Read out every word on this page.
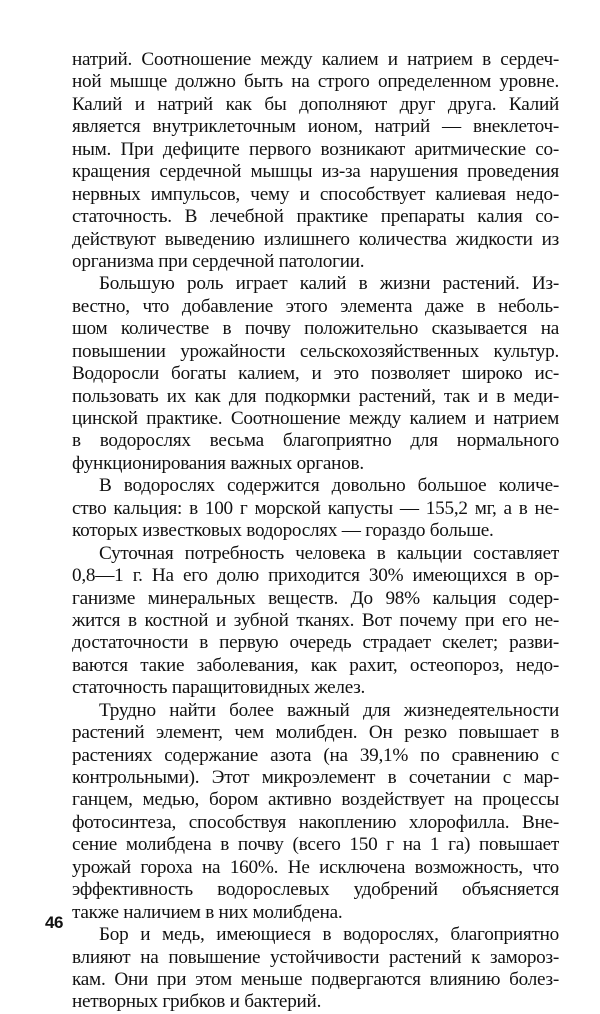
натрий. Соотношение между калием и натрием в сердеч-
ной мышце должно быть на строго определенном уровне.
Калий и натрий как бы дополняют друг друга. Калий
является внутриклеточным ионом, натрий — внеклеточ-
ным. При дефиците первого возникают аритмические со-
кращения сердечной мышцы из-за нарушения проведения
нервных импульсов, чему и способствует калиевая недо-
статочность. В лечебной практике препараты калия со-
действуют выведению излишнего количества жидкости из
организма при сердечной патологии.
Большую роль играет калий в жизни растений. Из-
вестно, что добавление этого элемента даже в неболь-
шом количестве в почву положительно сказывается на
повышении урожайности сельскохозяйственных культур.
Водоросли богаты калием, и это позволяет широко ис-
пользовать их как для подкормки растений, так и в меди-
цинской практике. Соотношение между калием и натрием
в водорослях весьма благоприятно для нормального
функционирования важных органов.
В водорослях содержится довольно большое количе-
ство кальция: в 100 г морской капусты — 155,2 мг, а в не-
которых известковых водорослях — гораздо больше.
Суточная потребность человека в кальции составляет
0,8—1 г. На его долю приходится 30% имеющихся в ор-
ганизме минеральных веществ. До 98% кальция содер-
жится в костной и зубной тканях. Вот почему при его не-
достаточности в первую очередь страдает скелет; разви-
ваются такие заболевания, как рахит, остеопороз, недо-
статочность паращитовидных желез.
Трудно найти более важный для жизнедеятельности
растений элемент, чем молибден. Он резко повышает в
растениях содержание азота (на 39,1% по сравнению с
контрольными). Этот микроэлемент в сочетании с мар-
ганцем, медью, бором активно воздействует на процессы
фотосинтеза, способствуя накоплению хлорофилла. Вне-
сение молибдена в почву (всего 150 г на 1 га) повышает
урожай гороха на 160%. Не исключена возможность, что
эффективность водорослевых удобрений объясняется
также наличием в них молибдена.
Бор и медь, имеющиеся в водорослях, благоприятно
влияют на повышение устойчивости растений к замороз-
кам. Они при этом меньше подвергаются влиянию болез-
нетворных грибков и бактерий.
46
